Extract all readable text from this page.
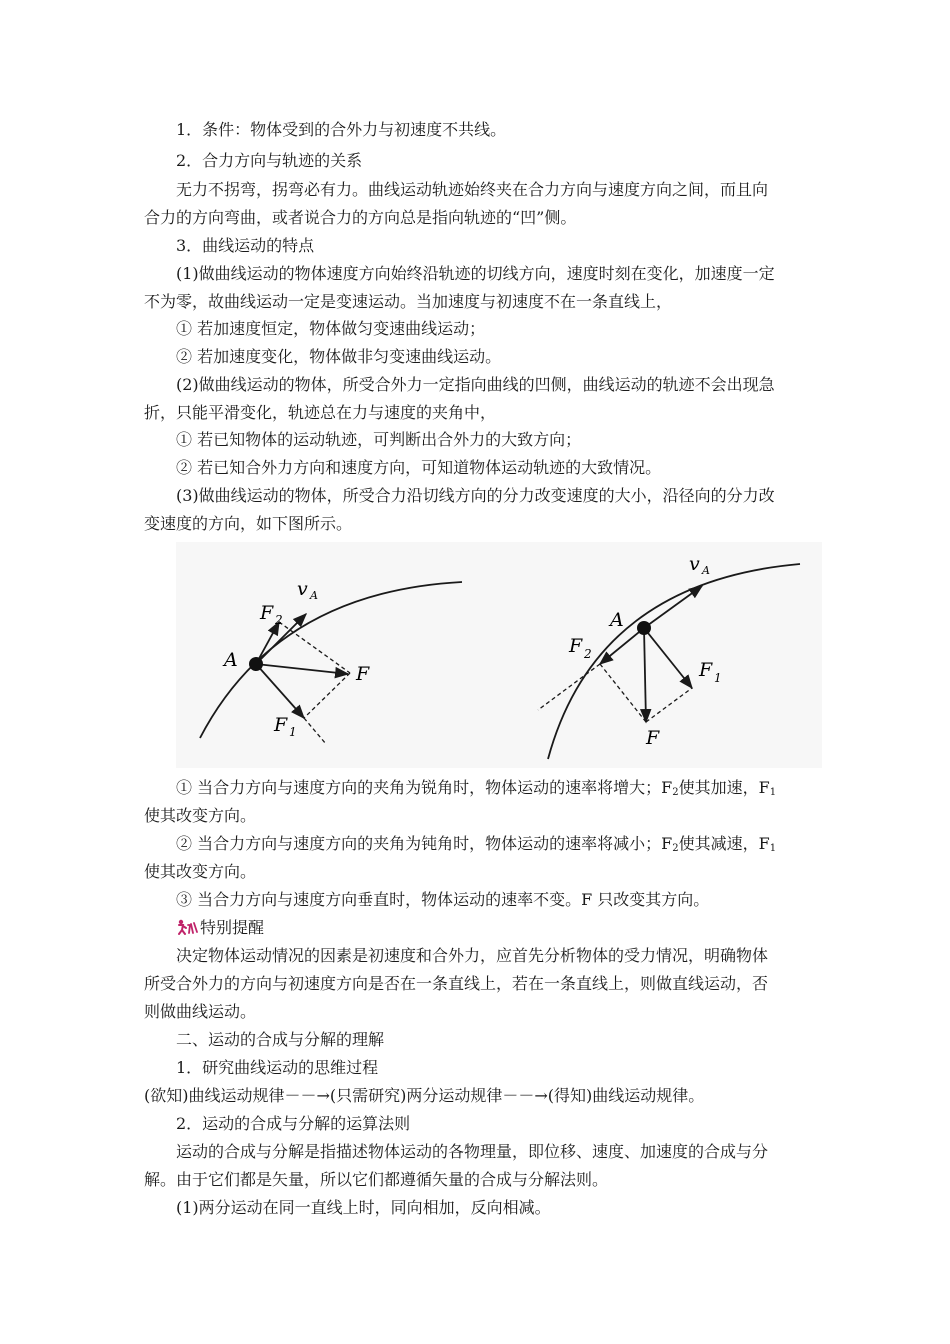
1．条件：物体受到的合外力与初速度不共线。
2．合力方向与轨迹的关系
无力不拐弯，拐弯必有力。曲线运动轨迹始终夹在合力方向与速度方向之间，而且向
合力的方向弯曲，或者说合力的方向总是指向轨迹的“凹”侧。
3．曲线运动的特点
(1)做曲线运动的物体速度方向始终沿轨迹的切线方向，速度时刻在变化，加速度一定
不为零，故曲线运动一定是变速运动。当加速度与初速度不在一条直线上，
① 若加速度恒定，物体做匀变速曲线运动；
② 若加速度变化，物体做非匀变速曲线运动。
(2)做曲线运动的物体，所受合外力一定指向曲线的凹侧，曲线运动的轨迹不会出现急
折，只能平滑变化，轨迹总在力与速度的夹角中，
① 若已知物体的运动轨迹，可判断出合外力的大致方向；
② 若已知合外力方向和速度方向，可知道物体运动轨迹的大致情况。
(3)做曲线运动的物体，所受合力沿切线方向的分力改变速度的大小，沿径向的分力改
变速度的方向，如下图所示。
A
v A
F 2
F
F 1
A
v A
F 2
F 1
F
① 当合力方向与速度方向的夹角为锐角时，物体运动的速率将增大；$F_2$使其加速，$F_1$
使其改变方向。
② 当合力方向与速度方向的夹角为钝角时，物体运动的速率将减小；$F_2$使其减速，$F_1$
使其改变方向。
③ 当合力方向与速度方向垂直时，物体运动的速率不变。F 只改变其方向。
特别提醒
决定物体运动情况的因素是初速度和合外力，应首先分析物体的受力情况，明确物体
所受合外力的方向与初速度方向是否在一条直线上，若在一条直线上，则做直线运动，否
则做曲线运动。
二、运动的合成与分解的理解
1．研究曲线运动的思维过程
(欲知)曲线运动规律－－→(只需研究)两分运动规律－－→(得知)曲线运动规律。
2．运动的合成与分解的运算法则
运动的合成与分解是指描述物体运动的各物理量，即位移、速度、加速度的合成与分
解。由于它们都是矢量，所以它们都遵循矢量的合成与分解法则。
(1)两分运动在同一直线上时，同向相加，反向相减。
